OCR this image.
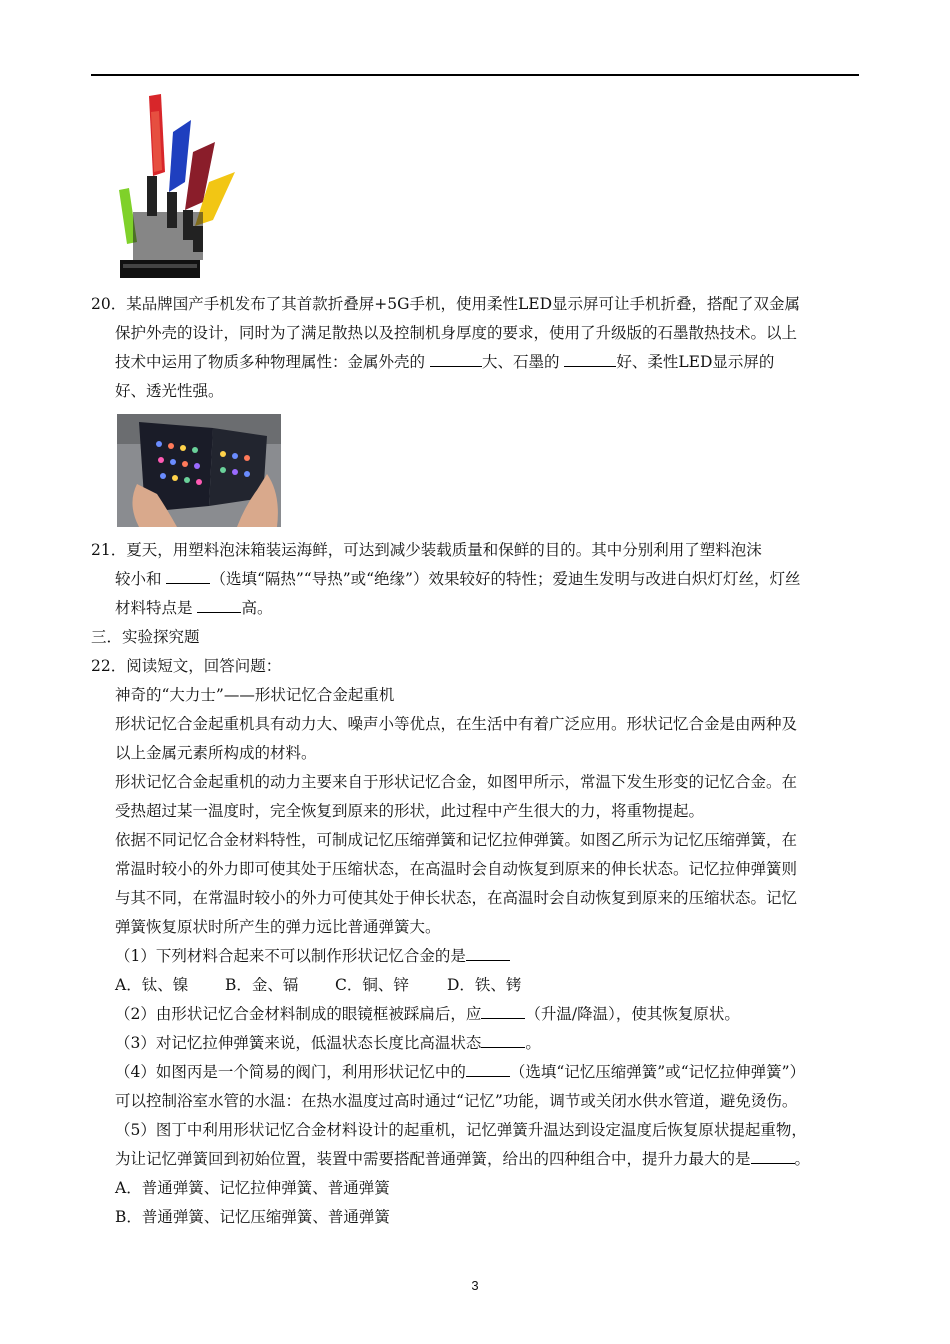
20．某品牌国产手机发布了其首款折叠屏+5G手机，使用柔性LED显示屏可让手机折叠，搭配了双金属
保护外壳的设计，同时为了满足散热以及控制机身厚度的要求，使用了升级版的石墨散热技术。以上
技术中运用了物质多种物理属性：金属外壳的	大、石墨的	好、柔性LED显示屏的
好、透光性强。
21．夏天，用塑料泡沫箱装运海鲜，可达到减少装载质量和保鲜的目的。其中分别利用了塑料泡沫
较小和	（选填“隔热”“导热”或“绝缘”）效果较好的特性；爱迪生发明与改进白炽灯灯丝，灯丝
材料特点是	高。
三．实验探究题
22．阅读短文，回答问题：
神奇的“大力士”——形状记忆合金起重机
形状记忆合金起重机具有动力大、噪声小等优点，在生活中有着广泛应用。形状记忆合金是由两种及
以上金属元素所构成的材料。
形状记忆合金起重机的动力主要来自于形状记忆合金，如图甲所示，常温下发生形变的记忆合金。在
受热超过某一温度时，完全恢复到原来的形状，此过程中产生很大的力，将重物提起。
依据不同记忆合金材料特性，可制成记忆压缩弹簧和记忆拉伸弹簧。如图乙所示为记忆压缩弹簧，在
常温时较小的外力即可使其处于压缩状态，在高温时会自动恢复到原来的伸长状态。记忆拉伸弹簧则
与其不同，在常温时较小的外力可使其处于伸长状态，在高温时会自动恢复到原来的压缩状态。记忆
弹簧恢复原状时所产生的弹力远比普通弹簧大。
（1）下列材料合起来不可以制作形状记忆合金的是
A．钛、镍 B．金、镉 C．铜、锌 D．铁、铐
（2）由形状记忆合金材料制成的眼镜框被踩扁后，应	（升温/降温），使其恢复原状。
（3）对记忆拉伸弹簧来说，低温状态长度比高温状态	。
（4）如图丙是一个简易的阀门，利用形状记忆中的	（选填“记忆压缩弹簧”或“记忆拉伸弹簧”）
可以控制浴室水管的水温：在热水温度过高时通过“记忆”功能，调节或关闭水供水管道，避免烫伤。
（5）图丁中利用形状记忆合金材料设计的起重机，记忆弹簧升温达到设定温度后恢复原状提起重物，
为让记忆弹簧回到初始位置，装置中需要搭配普通弹簧，给出的四种组合中，提升力最大的是	。
A．普通弹簧、记忆拉伸弹簧、普通弹簧
B．普通弹簧、记忆压缩弹簧、普通弹簧
3
